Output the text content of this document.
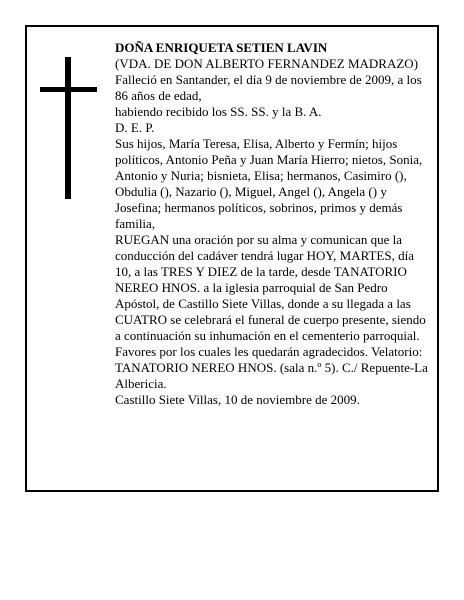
DOÑA ENRIQUETA SETIEN LAVIN

(VDA. DE DON ALBERTO FERNANDEZ MADRAZO)

Falleció en Santander, el día 9 de noviembre de 2009, a los 86 años de edad,

habiendo recibido los SS. SS. y la B. A.

D. E. P.

Sus hijos, María Teresa, Elisa, Alberto y Fermín; hijos políticos, Antonio Peña y Juan María Hierro; nietos, Sonia, Antonio y Nuria; bisnieta, Elisa; hermanos, Casimiro (), Obdulia (), Nazario (), Miguel, Angel (), Angela () y Josefina; hermanos políticos, sobrinos, primos y demás familia,

RUEGAN una oración por su alma y comunican que la conducción del cadáver tendrá lugar HOY, MARTES, día 10, a las TRES Y DIEZ de la tarde, desde TANATORIO NEREO HNOS. a la iglesia parroquial de San Pedro Apóstol, de Castillo Siete Villas, donde a su llegada a las CUATRO se celebrará el funeral de cuerpo presente, siendo a continuación su inhumación en el cementerio parroquial. Favores por los cuales les quedarán agradecidos. Velatorio: TANATORIO NEREO HNOS. (sala n.º 5). C./ Repuente-La Albericia.

Castillo Siete Villas, 10 de noviembre de 2009.
